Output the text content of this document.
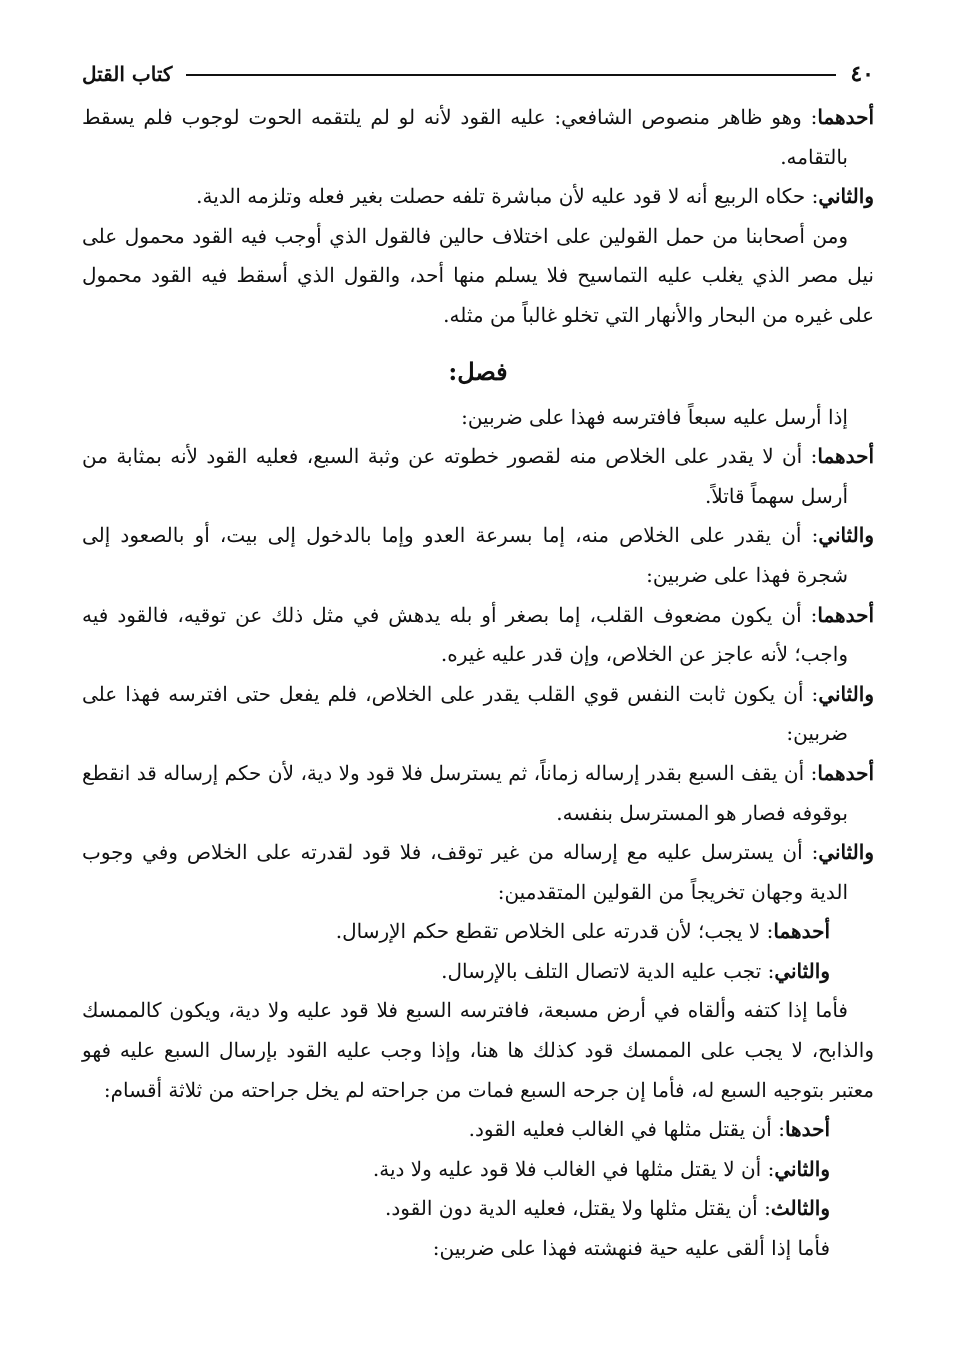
٤٠
كتاب القتل

أحدهما: وهو ظاهر منصوص الشافعي: عليه القود لأنه لو لم يلتقمه الحوت لوجوب فلم يسقط بالتقامه.

والثاني: حكاه الربيع أنه لا قود عليه لأن مباشرة تلفه حصلت بغير فعله وتلزمه الدية.

ومن أصحابنا من حمل القولين على اختلاف حالين فالقول الذي أوجب فيه القود محمول على نيل مصر الذي يغلب عليه التماسيح فلا يسلم منها أحد، والقول الذي أسقط فيه القود محمول على غيره من البحار والأنهار التي تخلو غالباً من مثله.

فصل:

إذا أرسل عليه سبعاً فافترسه فهذا على ضربين:

أحدهما: أن لا يقدر على الخلاص منه لقصور خطوته عن وثبة السبع، فعليه القود لأنه بمثابة من أرسل سهماً قاتلاً.

والثاني: أن يقدر على الخلاص منه، إما بسرعة العدو وإما بالدخول إلى بيت، أو بالصعود إلى شجرة فهذا على ضربين:

أحدهما: أن يكون مضعوف القلب، إما بصغر أو بله يدهش في مثل ذلك عن توقيه، فالقود فيه واجب؛ لأنه عاجز عن الخلاص، وإن قدر عليه غيره.

والثاني: أن يكون ثابت النفس قوي القلب يقدر على الخلاص، فلم يفعل حتى افترسه فهذا على ضربين:

أحدهما: أن يقف السبع بقدر إرساله زماناً، ثم يسترسل فلا قود ولا دية، لأن حكم إرساله قد انقطع بوقوفه فصار هو المسترسل بنفسه.

والثاني: أن يسترسل عليه مع إرساله من غير توقف، فلا قود لقدرته على الخلاص وفي وجوب الدية وجهان تخريجاً من القولين المتقدمين:

أحدهما: لا يجب؛ لأن قدرته على الخلاص تقطع حكم الإرسال.

والثاني: تجب عليه الدية لاتصال التلف بالإرسال.

فأما إذا كتفه وألقاه في أرض مسبعة، فافترسه السبع فلا قود عليه ولا دية، ويكون كالممسك والذابح، لا يجب على الممسك قود كذلك ها هنا، وإذا وجب عليه القود بإرسال السبع عليه فهو معتبر بتوجيه السبع له، فأما إن جرحه السبع فمات من جراحته لم يخل جراحته من ثلاثة أقسام:

أحدها: أن يقتل مثلها في الغالب فعليه القود.

والثاني: أن لا يقتل مثلها في الغالب فلا قود عليه ولا دية.

والثالث: أن يقتل مثلها ولا يقتل، فعليه الدية دون القود.

فأما إذا ألقى عليه حية فنهشته فهذا على ضربين:
